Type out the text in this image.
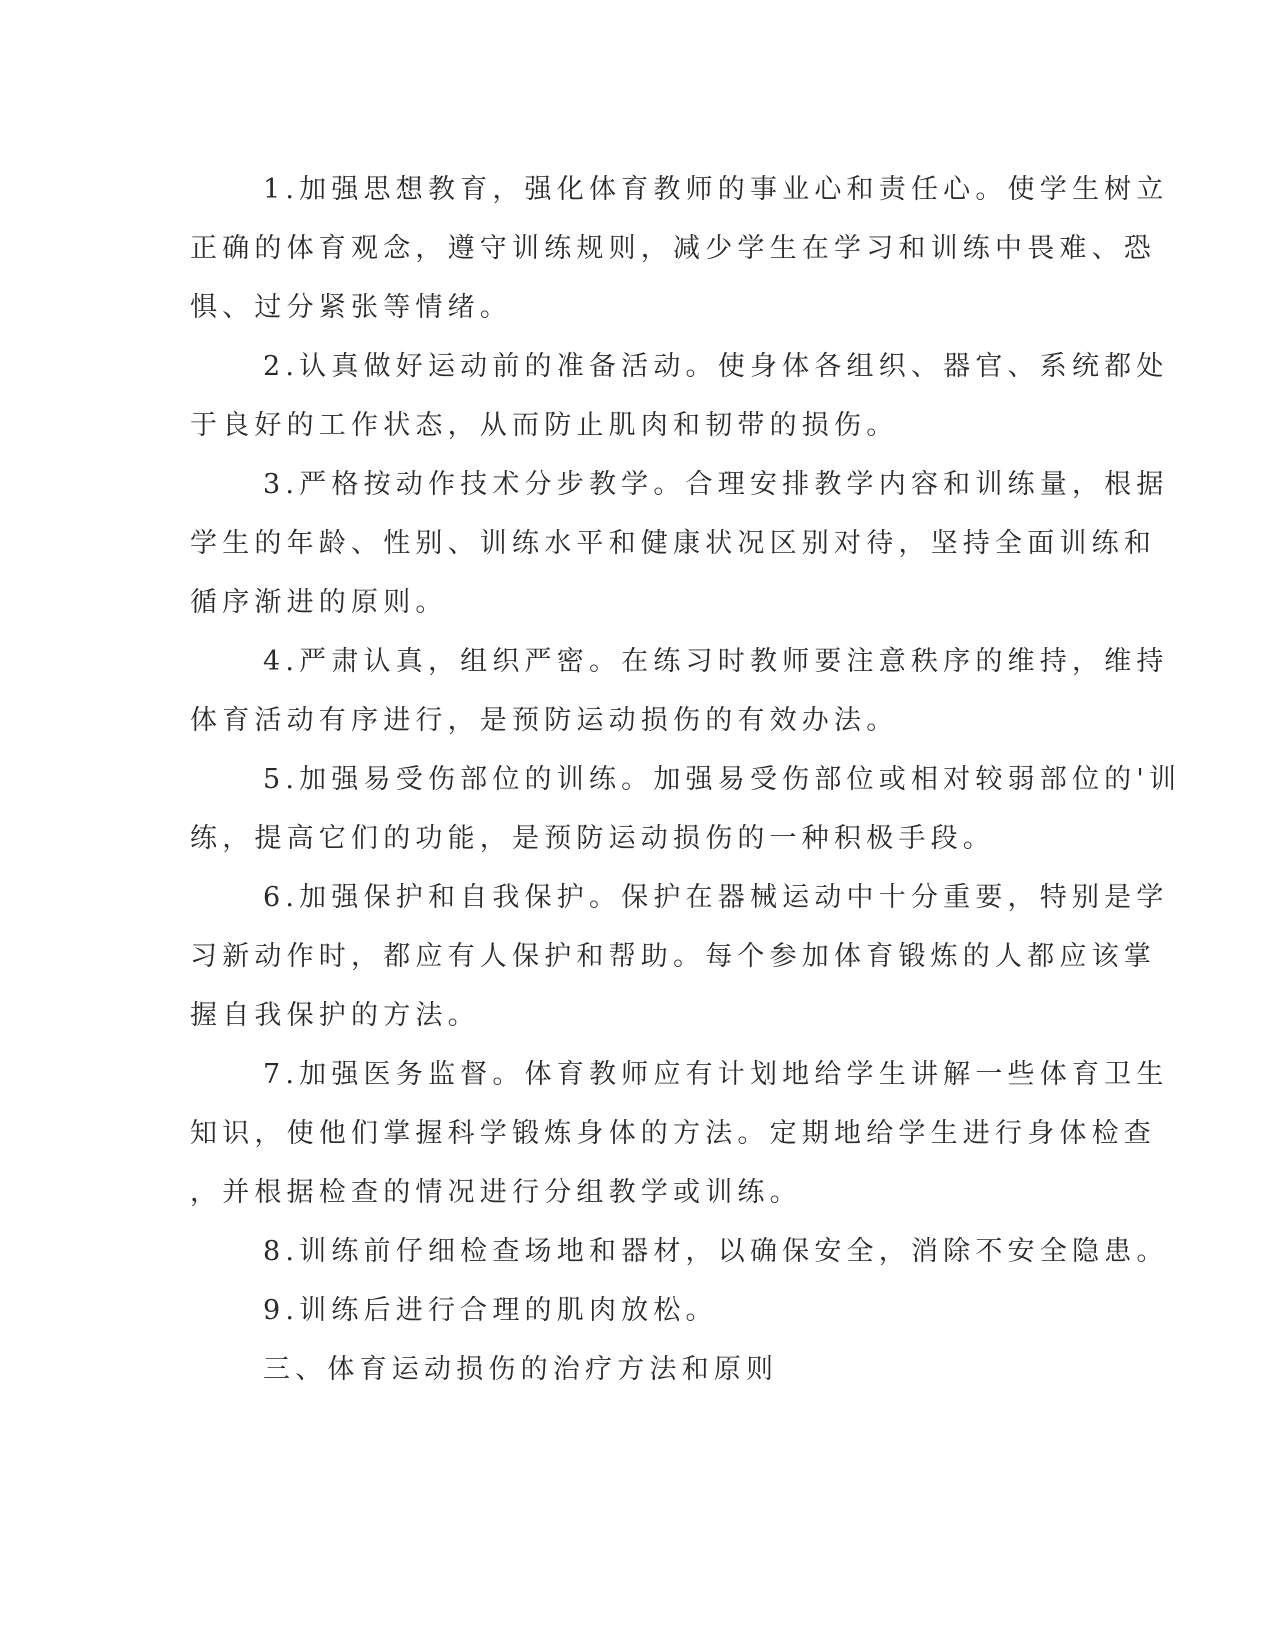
1.加强思想教育，强化体育教师的事业心和责任心。使学生树立
正确的体育观念，遵守训练规则，减少学生在学习和训练中畏难、恐
惧、过分紧张等情绪。
2.认真做好运动前的准备活动。使身体各组织、器官、系统都处
于良好的工作状态，从而防止肌肉和韧带的损伤。
3.严格按动作技术分步教学。合理安排教学内容和训练量，根据
学生的年龄、性别、训练水平和健康状况区别对待，坚持全面训练和
循序渐进的原则。
4.严肃认真，组织严密。在练习时教师要注意秩序的维持，维持
体育活动有序进行，是预防运动损伤的有效办法。
5.加强易受伤部位的训练。加强易受伤部位或相对较弱部位的'训
练，提高它们的功能，是预防运动损伤的一种积极手段。
6.加强保护和自我保护。保护在器械运动中十分重要，特别是学
习新动作时，都应有人保护和帮助。每个参加体育锻炼的人都应该掌
握自我保护的方法。
7.加强医务监督。体育教师应有计划地给学生讲解一些体育卫生
知识，使他们掌握科学锻炼身体的方法。定期地给学生进行身体检查
，并根据检查的情况进行分组教学或训练。
8.训练前仔细检查场地和器材，以确保安全，消除不安全隐患。
9.训练后进行合理的肌肉放松。
三、体育运动损伤的治疗方法和原则
